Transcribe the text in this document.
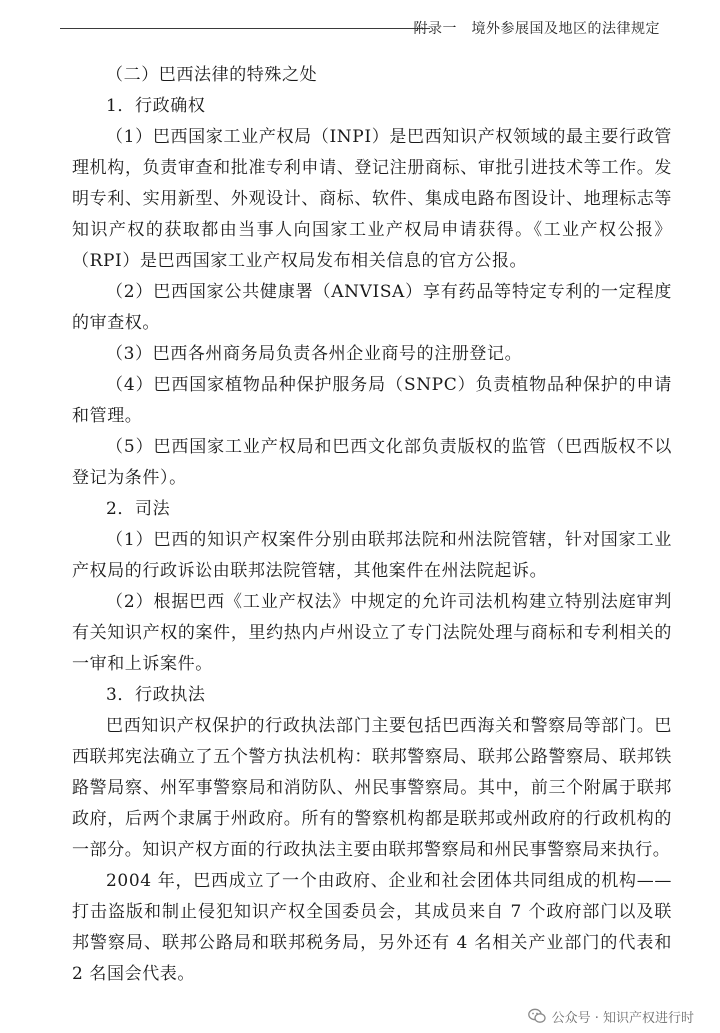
附录一　境外参展国及地区的法律规定

（二）巴西法律的特殊之处

1．行政确权

（1）巴西国家工业产权局（INPI）是巴西知识产权领域的最主要行政管理机构，负责审查和批准专利申请、登记注册商标、审批引进技术等工作。发明专利、实用新型、外观设计、商标、软件、集成电路布图设计、地理标志等知识产权的获取都由当事人向国家工业产权局申请获得。《工业产权公报》（RPI）是巴西国家工业产权局发布相关信息的官方公报。

（2）巴西国家公共健康署（ANVISA）享有药品等特定专利的一定程度的审查权。

（3）巴西各州商务局负责各州企业商号的注册登记。

（4）巴西国家植物品种保护服务局（SNPC）负责植物品种保护的申请和管理。

（5）巴西国家工业产权局和巴西文化部负责版权的监管（巴西版权不以登记为条件）。

2．司法

（1）巴西的知识产权案件分别由联邦法院和州法院管辖，针对国家工业产权局的行政诉讼由联邦法院管辖，其他案件在州法院起诉。

（2）根据巴西《工业产权法》中规定的允许司法机构建立特别法庭审判有关知识产权的案件，里约热内卢州设立了专门法院处理与商标和专利相关的一审和上诉案件。

3．行政执法

巴西知识产权保护的行政执法部门主要包括巴西海关和警察局等部门。巴西联邦宪法确立了五个警方执法机构：联邦警察局、联邦公路警察局、联邦铁路警局察、州军事警察局和消防队、州民事警察局。其中，前三个附属于联邦政府，后两个隶属于州政府。所有的警察机构都是联邦或州政府的行政机构的一部分。知识产权方面的行政执法主要由联邦警察局和州民事警察局来执行。

2004 年，巴西成立了一个由政府、企业和社会团体共同组成的机构——打击盗版和制止侵犯知识产权全国委员会，其成员来自 7 个政府部门以及联邦警察局、联邦公路局和联邦税务局，另外还有 4 名相关产业部门的代表和 2 名国会代表。

公众号 · 知识产权进行时
